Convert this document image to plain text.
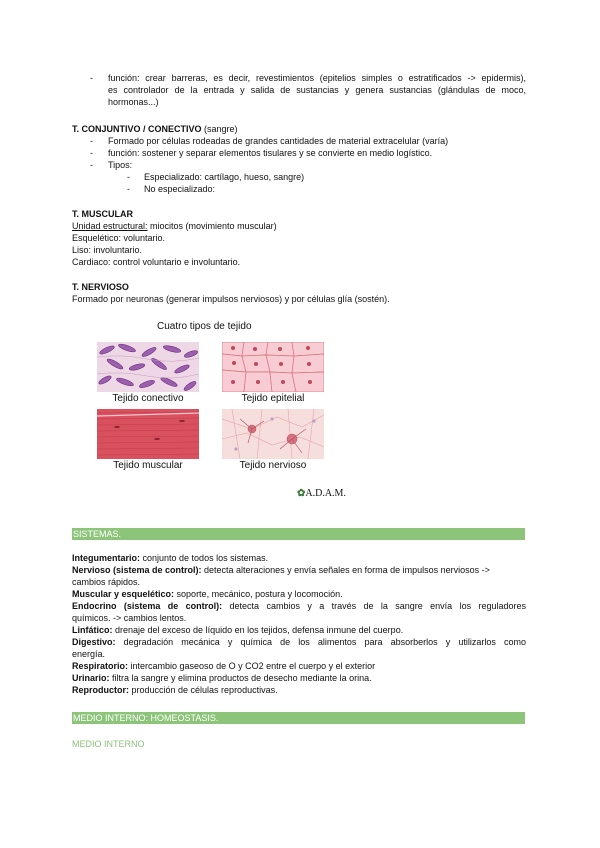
- función: crear barreras, es decir, revestimientos (epitelios simples o estratificados -> epidermis),
es controlador de la entrada y salida de sustancias y genera sustancias (glándulas de moco,
hormonas...)
T. CONJUNTIVO / CONECTIVO (sangre)
- Formado por células rodeadas de grandes cantidades de material extracelular (varía)
- función: sostener y separar elementos tisulares y se convierte en medio logístico.
- Tipos:
- Especializado: cartílago, hueso, sangre)
- No especializado:
T. MUSCULAR
Unidad estructural: miocitos (movimiento muscular)
Esquelético: voluntario.
Liso: involuntario.
Cardiaco: control voluntario e involuntario.
T. NERVIOSO
Formado por neuronas (generar impulsos nerviosos) y por células glía (sostén).
Cuatro tipos de tejido
Tejido conectivo	Tejido epitelial
Tejido muscular	Tejido nervioso
✿A.D.A.M.
SISTEMAS.
Integumentario: conjunto de todos los sistemas.
Nervioso (sistema de control): detecta alteraciones y envía señales en forma de impulsos nerviosos ->
cambios rápidos.
Muscular y esquelético: soporte, mecánico, postura y locomoción.
Endocrino (sistema de control): detecta cambios y a través de la sangre envía los reguladores
químicos. -> cambios lentos.
Linfático: drenaje del exceso de líquido en los tejidos, defensa inmune del cuerpo.
Digestivo: degradación mecánica y química de los alimentos para absorberlos y utilizarlos como
energía.
Respiratorio: intercambio gaseoso de O y CO2 entre el cuerpo y el exterior
Urinario: filtra la sangre y elimina productos de desecho mediante la orina.
Reproductor: producción de células reproductivas.
MEDIO INTERNO: HOMEOSTASIS.
MEDIO INTERNO
